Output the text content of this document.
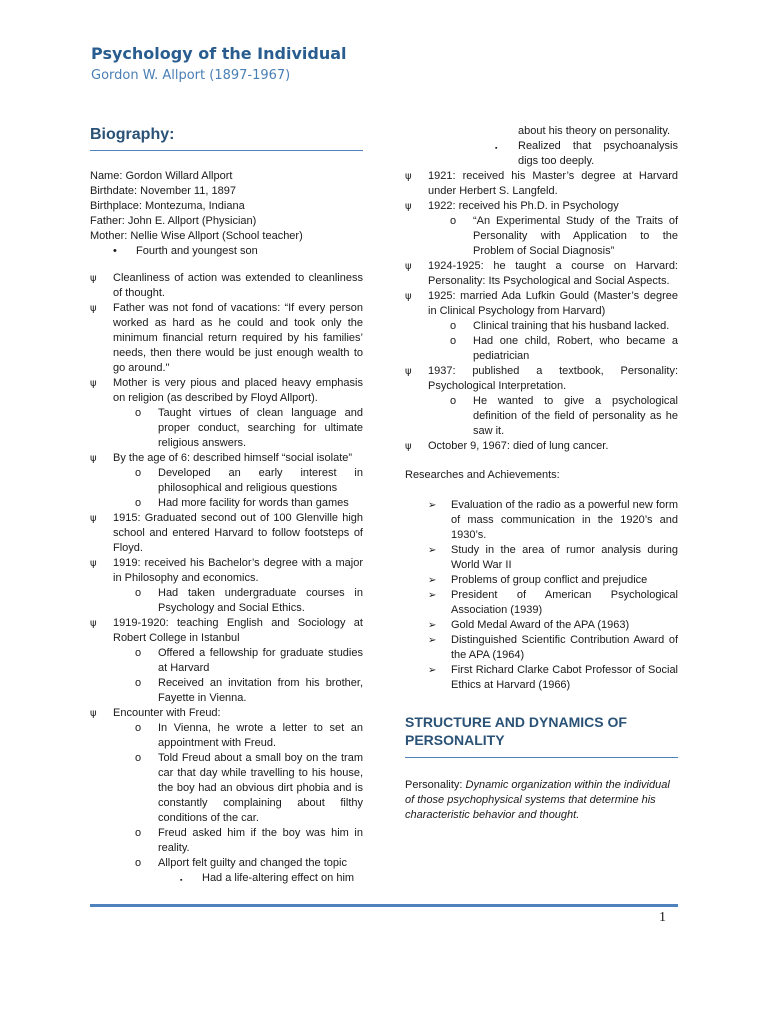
Psychology of the Individual
Gordon W. Allport (1897-1967)
Biography:

Name: Gordon Willard Allport

Birthdate: November 11, 1897

Birthplace: Montezuma, Indiana

Father: John E. Allport (Physician)

Mother: Nellie Wise Allport (School teacher)

•	Fourth and youngest son
ψ	Cleanliness of action was extended to cleanliness of thought.
ψ	Father was not fond of vacations: “If every person worked as hard as he could and took only the minimum financial return required by his families’ needs, then there would be just enough wealth to go around."
ψ	Mother is very pious and placed heavy emphasis on religion (as described by Floyd Allport).
o	Taught virtues of clean language and proper conduct, searching for ultimate religious answers.
ψ	By the age of 6: described himself “social isolate”
o	Developed an early interest in philosophical and religious questions
o	Had more facility for words than games
ψ	1915: Graduated second out of 100 Glenville high school and entered Harvard to follow footsteps of Floyd.
ψ	1919: received his Bachelor’s degree with a major in Philosophy and economics.
o	Had taken undergraduate courses in Psychology and Social Ethics.
ψ	1919-1920: teaching English and Sociology at Robert College in Istanbul
o	Offered a fellowship for graduate studies at Harvard
o	Received an invitation from his brother, Fayette in Vienna.
ψ	Encounter with Freud:
o	In Vienna, he wrote a letter to set an appointment with Freud.
o	Told Freud about a small boy on the tram car that day while travelling to his house, the boy had an obvious dirt phobia and is constantly complaining about filthy conditions of the car.
o	Freud asked him if the boy was him in reality.
o	Allport felt guilty and changed the topic
▪	Had a life-altering effect on him
about his theory on personality.
▪	Realized that psychoanalysis digs too deeply.
ψ	1921: received his Master’s degree at Harvard under Herbert S. Langfeld.
ψ	1922: received his Ph.D. in Psychology
o	“An Experimental Study of the Traits of Personality with Application to the Problem of Social Diagnosis”
ψ	1924-1925: he taught a course on Harvard: Personality: Its Psychological and Social Aspects.
ψ	1925: married Ada Lufkin Gould (Master’s degree in Clinical Psychology from Harvard)
o	Clinical training that his husband lacked.
o	Had one child, Robert, who became a pediatrician
ψ	1937: published a textbook, Personality: Psychological Interpretation.
o	He wanted to give a psychological definition of the field of personality as he saw it.
ψ	October 9, 1967: died of lung cancer.

Researches and Achievements:

➢	Evaluation of the radio as a powerful new form of mass communication in the 1920’s and 1930’s.
➢	Study in the area of rumor analysis during World War II
➢	Problems of group conflict and prejudice
➢	President of American Psychological Association (1939)
➢	Gold Medal Award of the APA (1963)
➢	Distinguished Scientific Contribution Award of the APA (1964)
➢	First Richard Clarke Cabot Professor of Social Ethics at Harvard (1966)
STRUCTURE AND DYNAMICS OF PERSONALITY

Personality: Dynamic organization within the individual of those psychophysical systems that determine his characteristic behavior and thought.

1
